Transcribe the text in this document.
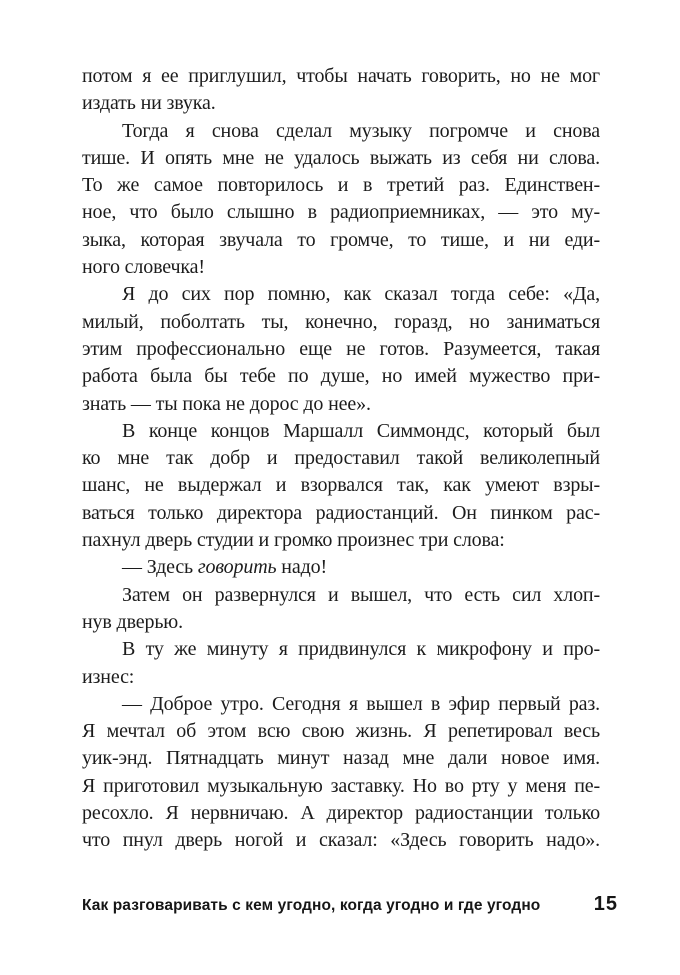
потом я ее приглушил, чтобы начать говорить, но не мог
издать ни звука.

Тогда я снова сделал музыку погромче и снова
тише. И опять мне не удалось выжать из себя ни слова.
То же самое повторилось и в третий раз. Единствен-
ное, что было слышно в радиоприемниках, — это му-
зыка, которая звучала то громче, то тише, и ни еди-
ного словечка!

Я до сих пор помню, как сказал тогда себе: «Да,
милый, поболтать ты, конечно, горазд, но заниматься
этим профессионально еще не готов. Разумеется, такая
работа была бы тебе по душе, но имей мужество при-
знать — ты пока не дорос до нее».

В конце концов Маршалл Симмондс, который был
ко мне так добр и предоставил такой великолепный
шанс, не выдержал и взорвался так, как умеют взры-
ваться только директора радиостанций. Он пинком рас-
пахнул дверь студии и громко произнес три слова:

— Здесь говорить надо!

Затем он развернулся и вышел, что есть сил хлоп-
нув дверью.

В ту же минуту я придвинулся к микрофону и про-
изнес:

— Доброе утро. Сегодня я вышел в эфир первый раз.
Я мечтал об этом всю свою жизнь. Я репетировал весь
уик-энд. Пятнадцать минут назад мне дали новое имя.
Я приготовил музыкальную заставку. Но во рту у меня пе-
ресохло. Я нервничаю. А директор радиостанции только
что пнул дверь ногой и сказал: «Здесь говорить надо».

Как разговаривать с кем угодно, когда угодно и где угодно	15
